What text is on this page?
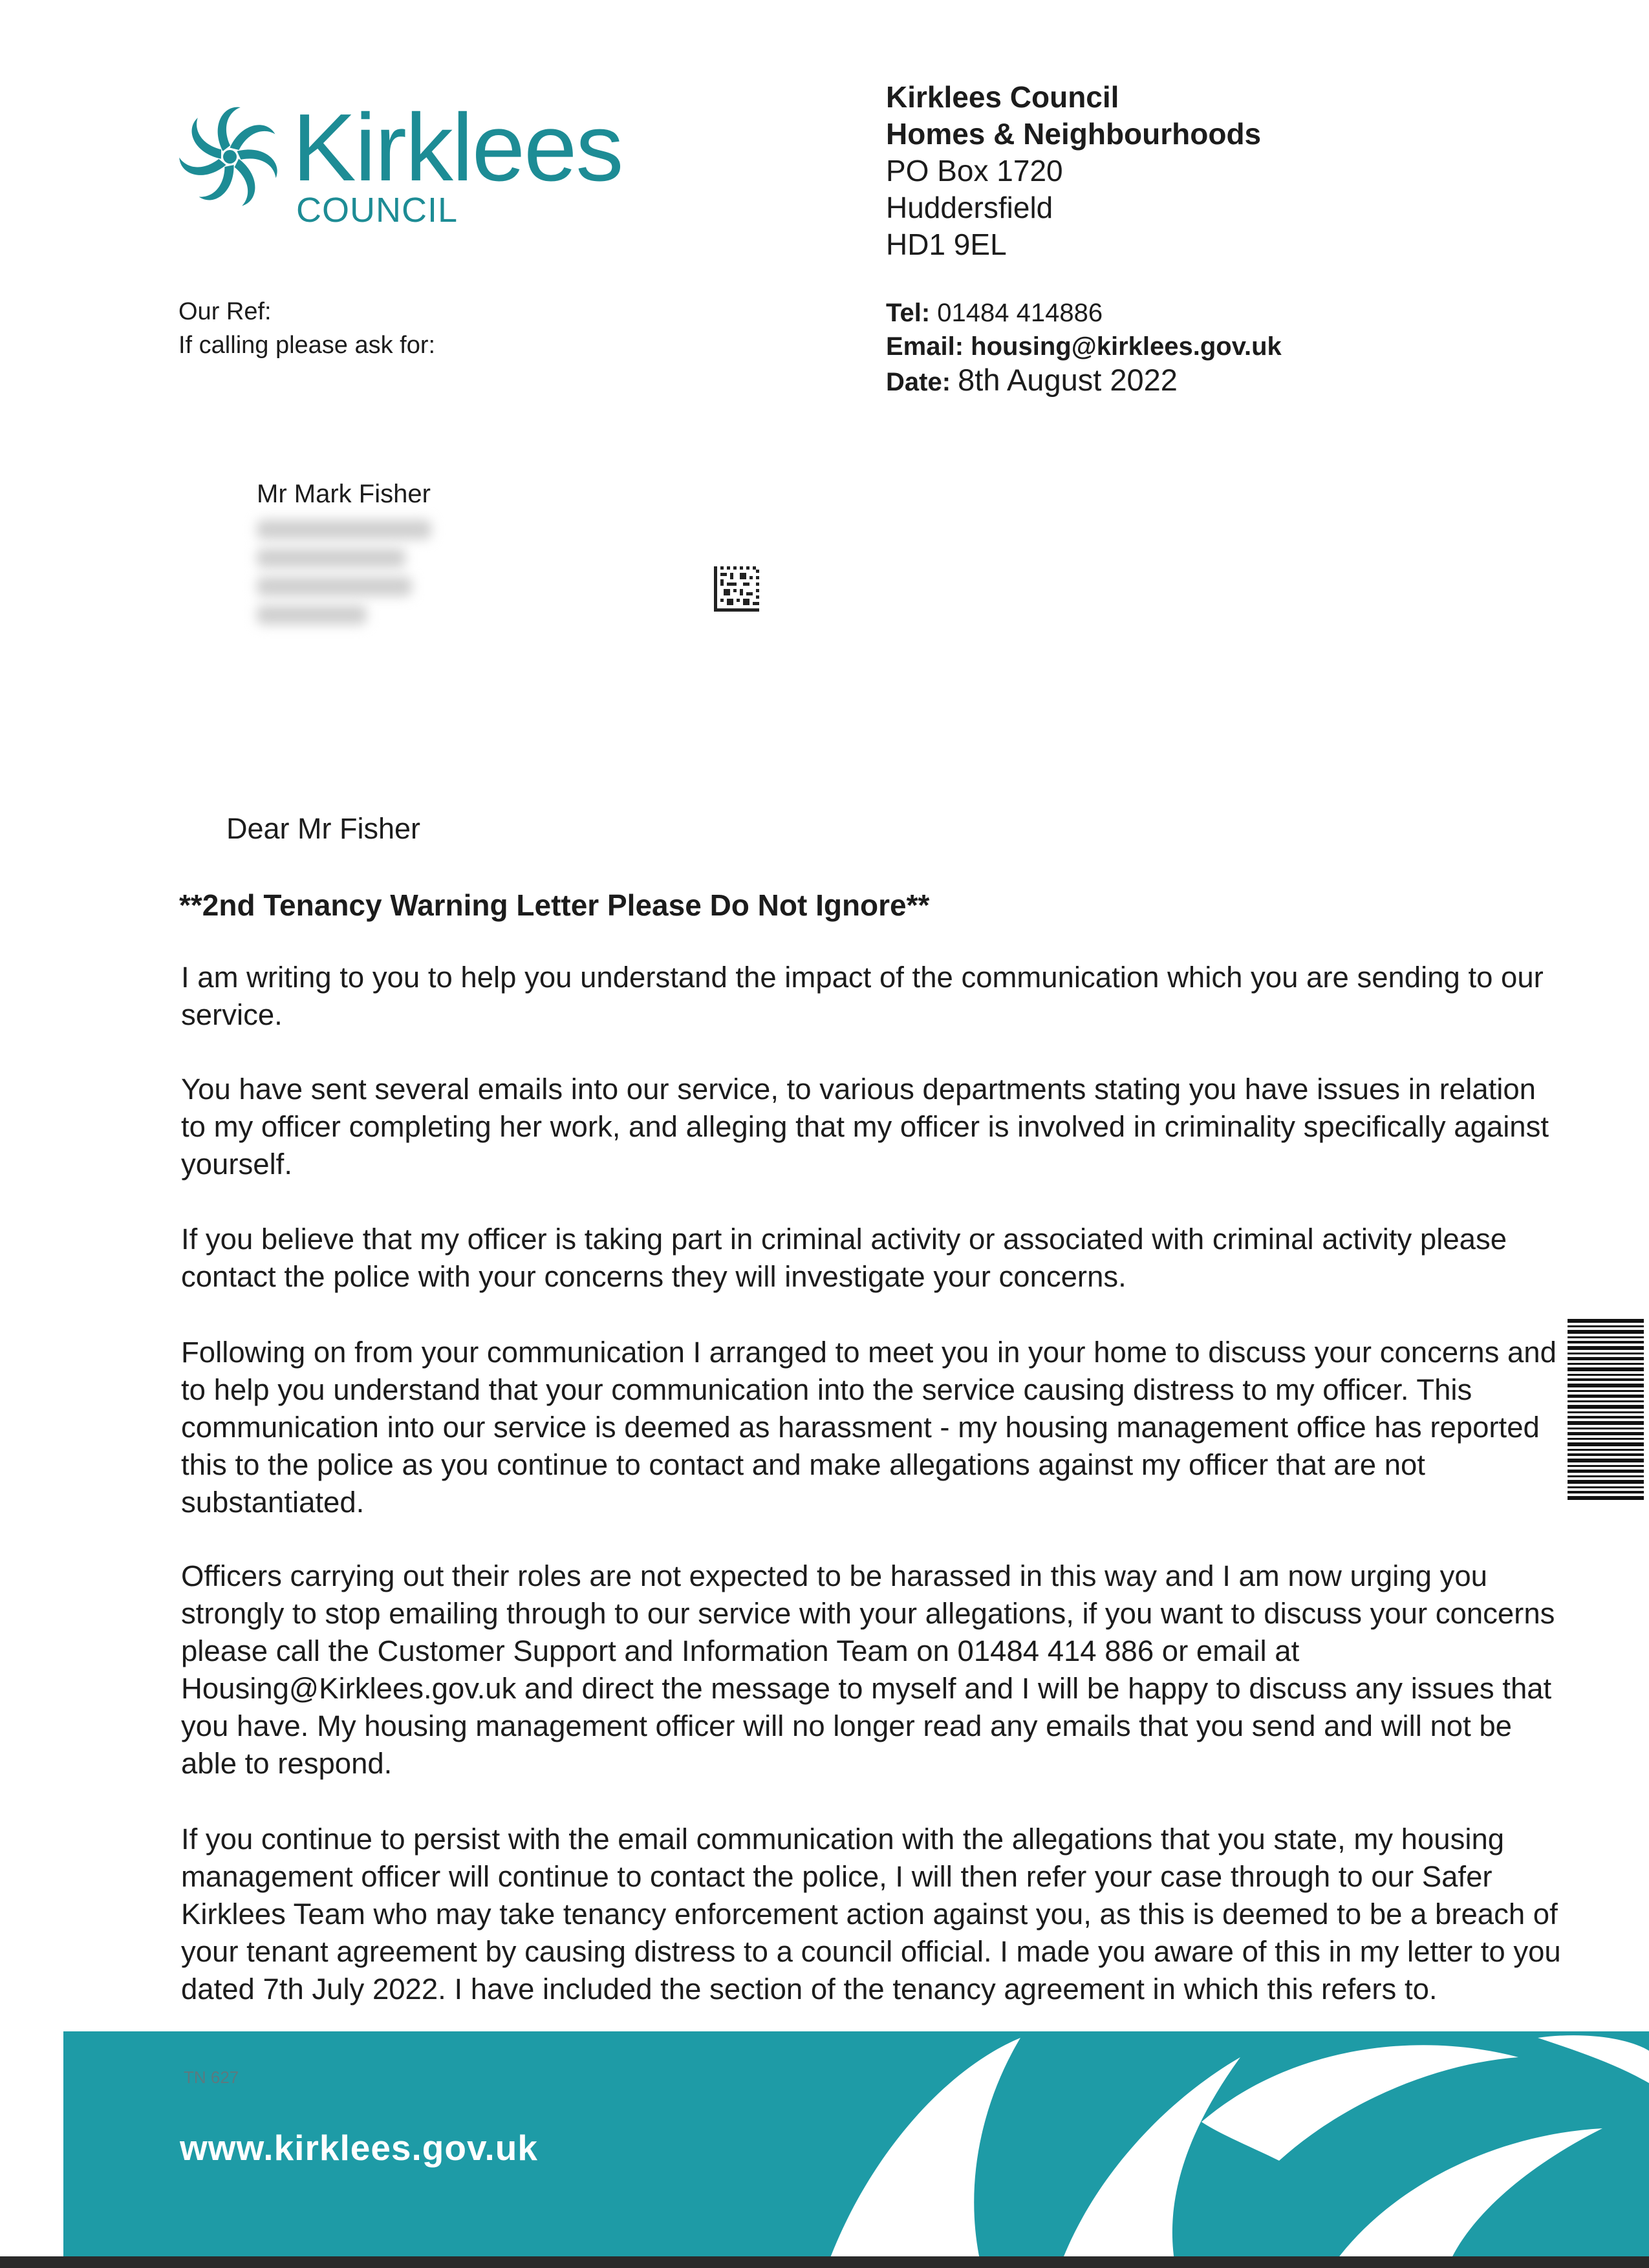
Kirklees
COUNCIL
Kirklees Council
Homes & Neighbourhoods
PO Box 1720
Huddersfield
HD1 9EL
Our Ref:
If calling please ask for:
Tel: 01484 414886
Email: housing@kirklees.gov.uk
Date: 8th August 2022
Mr Mark Fisher
Dear Mr Fisher
**2nd Tenancy Warning Letter Please Do Not Ignore**

I am writing to you to help you understand the impact of the communication which you are sending to our service.

You have sent several emails into our service, to various departments stating you have issues in relation to my officer completing her work, and alleging that my officer is involved in criminality specifically against yourself.

If you believe that my officer is taking part in criminal activity or associated with criminal activity please contact the police with your concerns they will investigate your concerns.

Following on from your communication I arranged to meet you in your home to discuss your concerns and to help you understand that your communication into the service causing distress to my officer. This communication into our service is deemed as harassment - my housing management office has reported this to the police as you continue to contact and make allegations against my officer that are not substantiated.

Officers carrying out their roles are not expected to be harassed in this way and I am now urging you strongly to stop emailing through to our service with your allegations, if you want to discuss your concerns please call the Customer Support and Information Team on 01484 414 886 or email at Housing@Kirklees.gov.uk and direct the message to myself and I will be happy to discuss any issues that you have. My housing management officer will no longer read any emails that you send and will not be able to respond.

If you continue to persist with the email communication with the allegations that you state, my housing management officer will continue to contact the police, I will then refer your case through to our Safer Kirklees Team who may take tenancy enforcement action against you, as this is deemed to be a breach of your tenant agreement by causing distress to a council official. I made you aware of this in my letter to you dated 7th July 2022. I have included the section of the tenancy agreement in which this refers to.

TN 627
www.kirklees.gov.uk
